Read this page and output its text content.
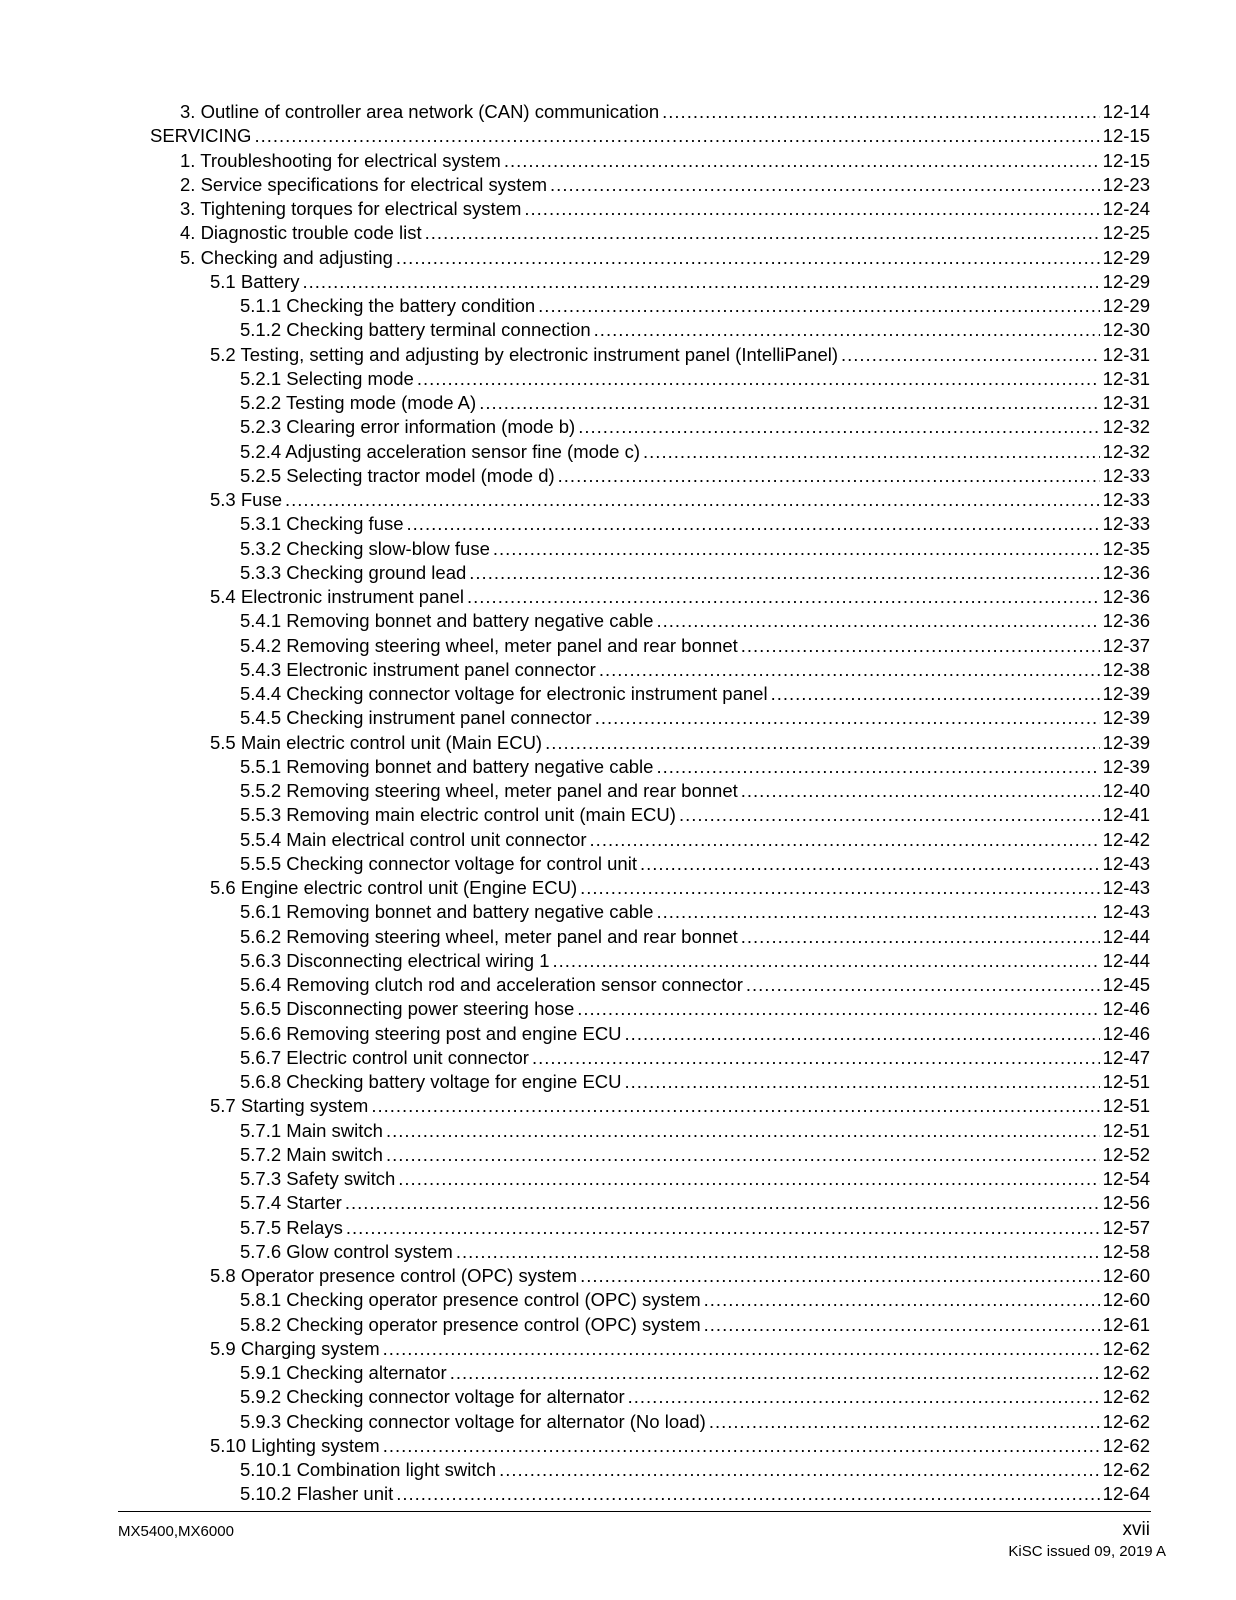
3. Outline of controller area network (CAN) communication .....	12-14
SERVICING .....	12-15
1. Troubleshooting for electrical system .....	12-15
2. Service specifications for electrical system .....	12-23
3. Tightening torques for electrical system .....	12-24
4. Diagnostic trouble code list .....	12-25
5. Checking and adjusting .....	12-29
5.1 Battery .....	12-29
5.1.1 Checking the battery condition .....	12-29
5.1.2 Checking battery terminal connection .....	12-30
5.2 Testing, setting and adjusting by electronic instrument panel (IntelliPanel) .....	12-31
5.2.1 Selecting mode .....	12-31
5.2.2 Testing mode (mode A) .....	12-31
5.2.3 Clearing error information (mode b) .....	12-32
5.2.4 Adjusting acceleration sensor fine (mode c) .....	12-32
5.2.5 Selecting tractor model (mode d) .....	12-33
5.3 Fuse .....	12-33
5.3.1 Checking fuse .....	12-33
5.3.2 Checking slow-blow fuse .....	12-35
5.3.3 Checking ground lead .....	12-36
5.4 Electronic instrument panel .....	12-36
5.4.1 Removing bonnet and battery negative cable .....	12-36
5.4.2 Removing steering wheel, meter panel and rear bonnet .....	12-37
5.4.3 Electronic instrument panel connector .....	12-38
5.4.4 Checking connector voltage for electronic instrument panel .....	12-39
5.4.5 Checking instrument panel connector .....	12-39
5.5 Main electric control unit (Main ECU) .....	12-39
5.5.1 Removing bonnet and battery negative cable .....	12-39
5.5.2 Removing steering wheel, meter panel and rear bonnet .....	12-40
5.5.3 Removing main electric control unit (main ECU) .....	12-41
5.5.4 Main electrical control unit connector .....	12-42
5.5.5 Checking connector voltage for control unit .....	12-43
5.6 Engine electric control unit (Engine ECU) .....	12-43
5.6.1 Removing bonnet and battery negative cable .....	12-43
5.6.2 Removing steering wheel, meter panel and rear bonnet .....	12-44
5.6.3 Disconnecting electrical wiring 1 .....	12-44
5.6.4 Removing clutch rod and acceleration sensor connector .....	12-45
5.6.5 Disconnecting power steering hose .....	12-46
5.6.6 Removing steering post and engine ECU .....	12-46
5.6.7 Electric control unit connector .....	12-47
5.6.8 Checking battery voltage for engine ECU .....	12-51
5.7 Starting system .....	12-51
5.7.1 Main switch .....	12-51
5.7.2 Main switch .....	12-52
5.7.3 Safety switch .....	12-54
5.7.4 Starter .....	12-56
5.7.5 Relays .....	12-57
5.7.6 Glow control system .....	12-58
5.8 Operator presence control (OPC) system .....	12-60
5.8.1 Checking operator presence control (OPC) system .....	12-60
5.8.2 Checking operator presence control (OPC) system .....	12-61
5.9 Charging system .....	12-62
5.9.1 Checking alternator .....	12-62
5.9.2 Checking connector voltage for alternator .....	12-62
5.9.3 Checking connector voltage for alternator (No load) .....	12-62
5.10 Lighting system .....	12-62
5.10.1 Combination light switch .....	12-62
5.10.2 Flasher unit .....	12-64
MX5400,MX6000	xvii
KiSC issued 09, 2019 A
